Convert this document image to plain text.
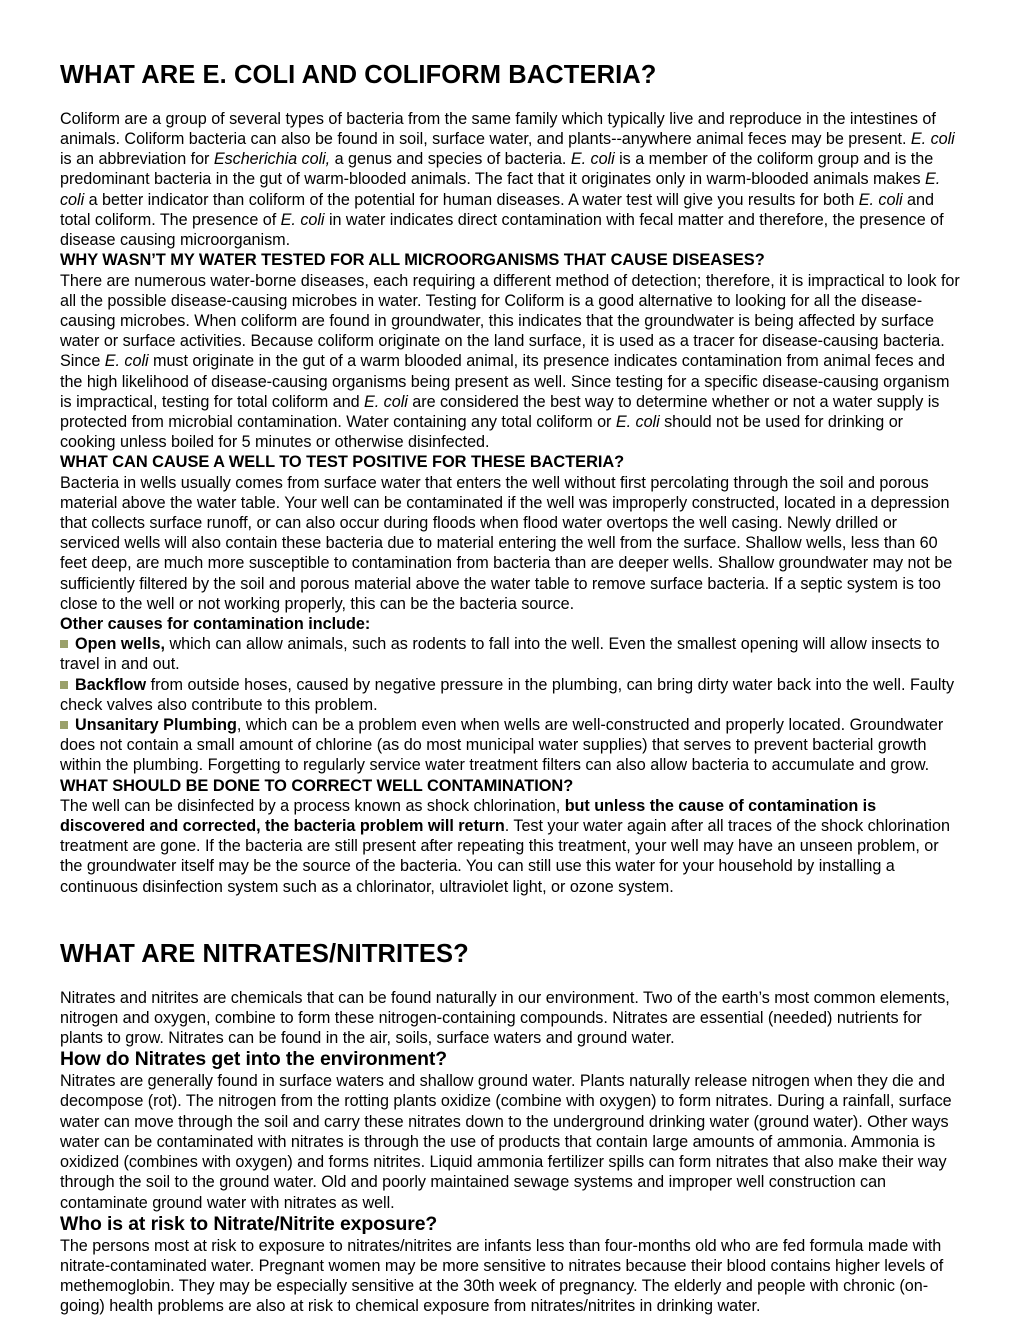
WHAT ARE E. COLI AND COLIFORM BACTERIA?

Coliform are a group of several types of bacteria from the same family which typically live and reproduce in the intestines of animals. Coliform bacteria can also be found in soil, surface water, and plants--anywhere animal feces may be present. E. coli is an abbreviation for Escherichia coli, a genus and species of bacteria. E. coli is a member of the coliform group and is the predominant bacteria in the gut of warm-blooded animals. The fact that it originates only in warm-blooded animals makes E. coli a better indicator than coliform of the potential for human diseases. A water test will give you results for both E. coli and total coliform. The presence of E. coli in water indicates direct contamination with fecal matter and therefore, the presence of disease causing microorganism.

WHY WASN’T MY WATER TESTED FOR ALL MICROORGANISMS THAT CAUSE DISEASES?

There are numerous water-borne diseases, each requiring a different method of detection; therefore, it is impractical to look for all the possible disease-causing microbes in water. Testing for Coliform is a good alternative to looking for all the disease-causing microbes. When coliform are found in groundwater, this indicates that the groundwater is being affected by surface water or surface activities. Because coliform originate on the land surface, it is used as a tracer for disease-causing bacteria. Since E. coli must originate in the gut of a warm blooded animal, its presence indicates contamination from animal feces and the high likelihood of disease-causing organisms being present as well. Since testing for a specific disease-causing organism is impractical, testing for total coliform and E. coli are considered the best way to determine whether or not a water supply is protected from microbial contamination. Water containing any total coliform or E. coli should not be used for drinking or cooking unless boiled for 5 minutes or otherwise disinfected.

WHAT CAN CAUSE A WELL TO TEST POSITIVE FOR THESE BACTERIA?

Bacteria in wells usually comes from surface water that enters the well without first percolating through the soil and porous material above the water table. Your well can be contaminated if the well was improperly constructed, located in a depression that collects surface runoff, or can also occur during floods when flood water overtops the well casing. Newly drilled or serviced wells will also contain these bacteria due to material entering the well from the surface. Shallow wells, less than 60 feet deep, are much more susceptible to contamination from bacteria than are deeper wells. Shallow groundwater may not be sufficiently filtered by the soil and porous material above the water table to remove surface bacteria. If a septic system is too close to the well or not working properly, this can be the bacteria source.

Other causes for contamination include:

Open wells, which can allow animals, such as rodents to fall into the well. Even the smallest opening will allow insects to travel in and out.
Backflow from outside hoses, caused by negative pressure in the plumbing, can bring dirty water back into the well. Faulty check valves also contribute to this problem.
Unsanitary Plumbing, which can be a problem even when wells are well-constructed and properly located. Groundwater does not contain a small amount of chlorine (as do most municipal water supplies) that serves to prevent bacterial growth within the plumbing. Forgetting to regularly service water treatment filters can also allow bacteria to accumulate and grow.
WHAT SHOULD BE DONE TO CORRECT WELL CONTAMINATION?

The well can be disinfected by a process known as shock chlorination, but unless the cause of contamination is discovered and corrected, the bacteria problem will return. Test your water again after all traces of the shock chlorination treatment are gone. If the bacteria are still present after repeating this treatment, your well may have an unseen problem, or the groundwater itself may be the source of the bacteria. You can still use this water for your household by installing a continuous disinfection system such as a chlorinator, ultraviolet light, or ozone system.

WHAT ARE NITRATES/NITRITES?

Nitrates and nitrites are chemicals that can be found naturally in our environment. Two of the earth’s most common elements, nitrogen and oxygen, combine to form these nitrogen-containing compounds. Nitrates are essential (needed) nutrients for plants to grow. Nitrates can be found in the air, soils, surface waters and ground water.

How do Nitrates get into the environment?

Nitrates are generally found in surface waters and shallow ground water. Plants naturally release nitrogen when they die and decompose (rot). The nitrogen from the rotting plants oxidize (combine with oxygen) to form nitrates. During a rainfall, surface water can move through the soil and carry these nitrates down to the underground drinking water (ground water). Other ways water can be contaminated with nitrates is through the use of products that contain large amounts of ammonia. Ammonia is oxidized (combines with oxygen) and forms nitrites. Liquid ammonia fertilizer spills can form nitrates that also make their way through the soil to the ground water. Old and poorly maintained sewage systems and improper well construction can contaminate ground water with nitrates as well.

Who is at risk to Nitrate/Nitrite exposure?

The persons most at risk to exposure to nitrates/nitrites are infants less than four-months old who are fed formula made with nitrate-contaminated water. Pregnant women may be more sensitive to nitrates because their blood contains higher levels of methemoglobin. They may be especially sensitive at the 30th week of pregnancy. The elderly and people with chronic (on-going) health problems are also at risk to chemical exposure from nitrates/nitrites in drinking water.
